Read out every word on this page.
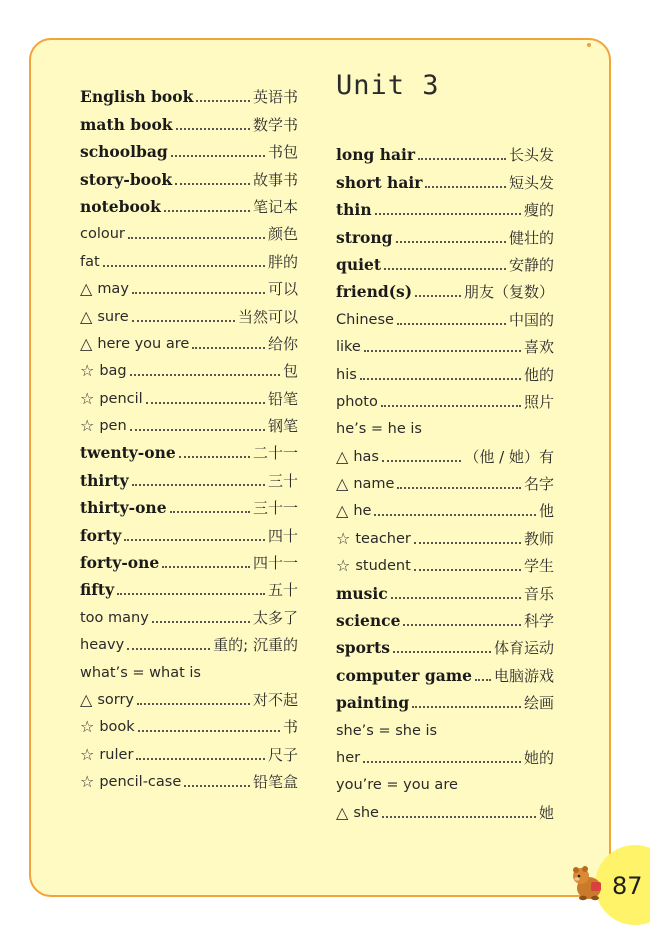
Unit 3
English book	英语书
math book	数学书
schoolbag	书包
story-book	故事书
notebook	笔记本
colour	颜色
fat	胖的
△ may	可以
△ sure	当然可以
△ here you are	给你
☆ bag	包
☆ pencil	铅笔
☆ pen	钢笔
twenty-one	二十一
thirty	三十
thirty-one	三十一
forty	四十
forty-one	四十一
fifty	五十
too many	太多了
heavy	重的; 沉重的
what’s = what is
△ sorry	对不起
☆ book	书
☆ ruler	尺子
☆ pencil-case	铅笔盒
long hair	长头发
short hair	短头发
thin	瘦的
strong	健壮的
quiet	安静的
friend(s)	朋友（复数）
Chinese	中国的
like	喜欢
his	他的
photo	照片
he’s = he is
△ has	（他 / 她）有
△ name	名字
△ he	他
☆ teacher	教师
☆ student	学生
music	音乐
science	科学
sports	体育运动
computer game 电脑游戏
painting	绘画
she’s = she is
her	她的
you’re = you are
△ she	她
87
